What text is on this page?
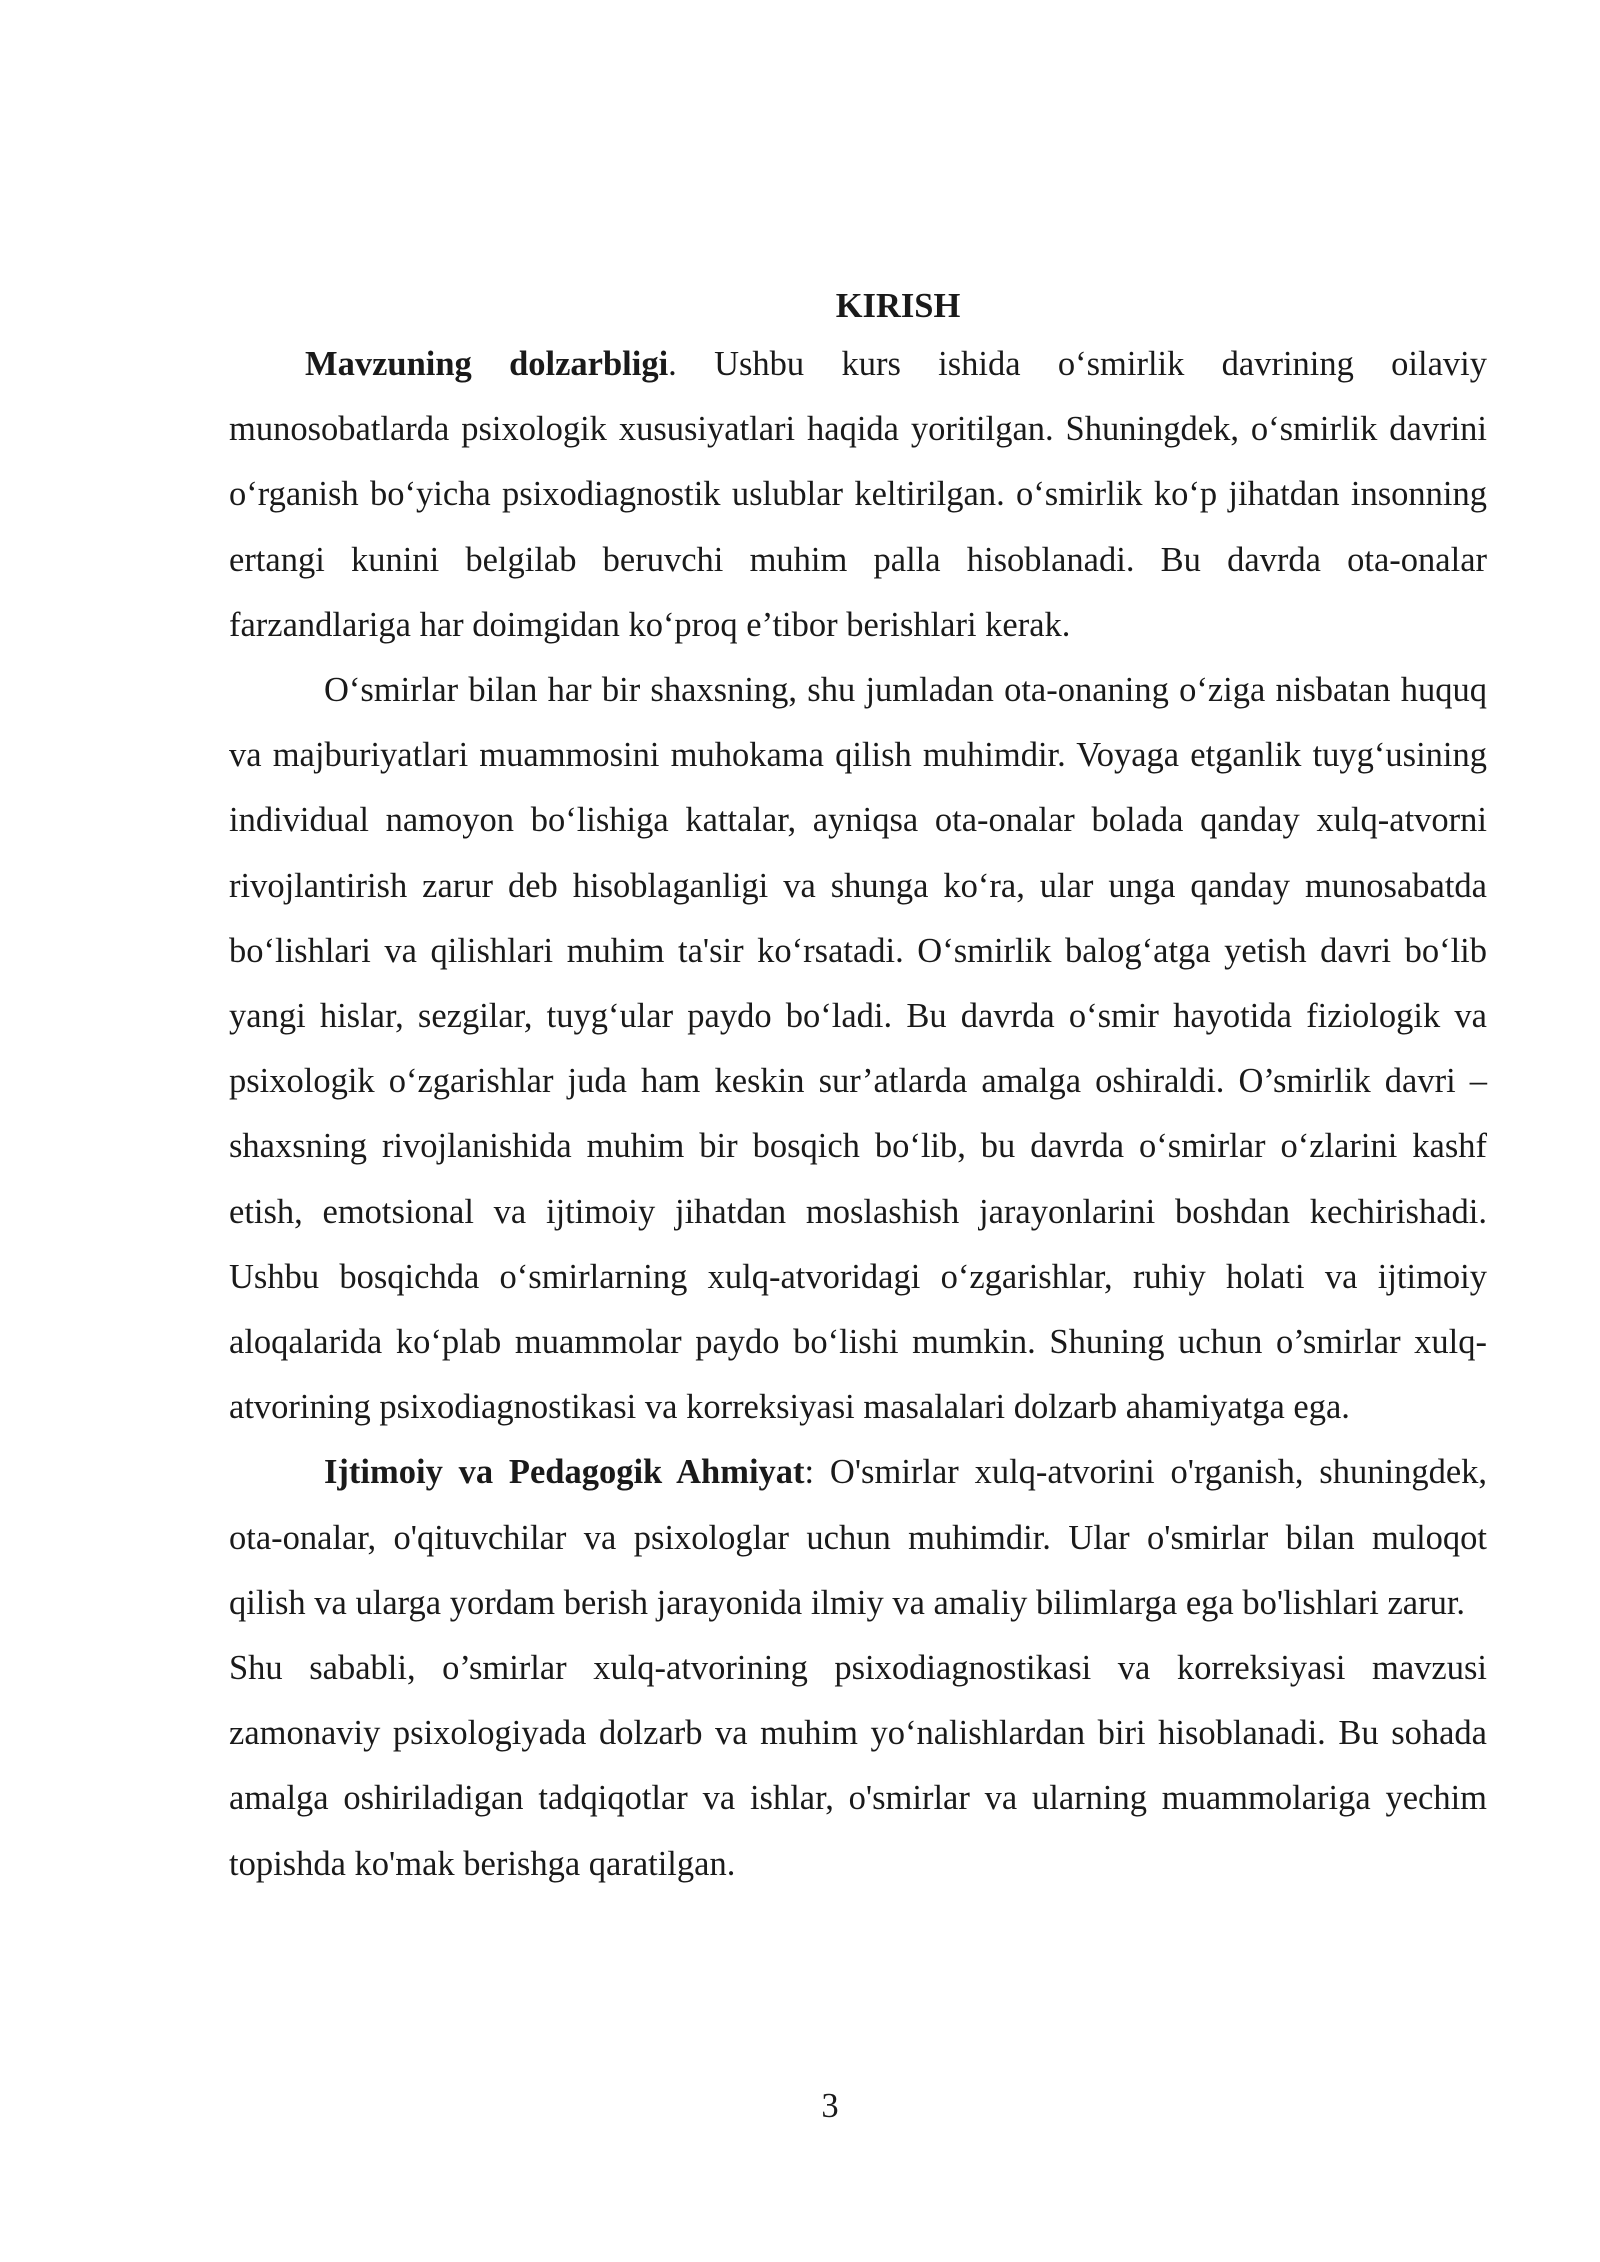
KIRISH

Mavzuning dolzarbligi. Ushbu kurs ishida o‘smirlik davrining oilaviy munosobatlarda psixologik xususiyatlari haqida yoritilgan. Shuningdek, o‘smirlik davrini o‘rganish bo‘yicha psixodiagnostik uslublar keltirilgan. o‘smirlik ko‘p jihatdan insonning ertangi kunini belgilab beruvchi muhim palla hisoblanadi. Bu davrda ota-onalar farzandlariga har doimgidan ko‘proq e’tibor berishlari kerak.

O‘smirlar bilan har bir shaxsning, shu jumladan ota-onaning o‘ziga nisbatan huquq va majburiyatlari muammosini muhokama qilish muhimdir. Voyaga etganlik tuyg‘usining individual namoyon bo‘lishiga kattalar, ayniqsa ota-onalar bolada qanday xulq-atvorni rivojlantirish zarur deb hisoblaganligi va shunga ko‘ra, ular unga qanday munosabatda bo‘lishlari va qilishlari muhim ta'sir ko‘rsatadi. O‘smirlik balog‘atga yetish davri bo‘lib yangi hislar, sezgilar, tuyg‘ular paydo bo‘ladi. Bu davrda o‘smir hayotida fiziologik va psixologik o‘zgarishlar juda ham keskin sur’atlarda amalga oshiraldi. O’smirlik davri – shaxsning rivojlanishida muhim bir bosqich bo‘lib, bu davrda o‘smirlar o‘zlarini kashf etish, emotsional va ijtimoiy jihatdan moslashish jarayonlarini boshdan kechirishadi. Ushbu bosqichda o‘smirlarning xulq-atvoridagi o‘zgarishlar, ruhiy holati va ijtimoiy aloqalarida ko‘plab muammolar paydo bo‘lishi mumkin. Shuning uchun o’smirlar xulq-atvorining psixodiagnostikasi va korreksiyasi masalalari dolzarb ahamiyatga ega.

Ijtimoiy va Pedagogik Ahmiyat: O'smirlar xulq-atvorini o'rganish, shuningdek, ota-onalar, o'qituvchilar va psixologlar uchun muhimdir. Ular o'smirlar bilan muloqot qilish va ularga yordam berish jarayonida ilmiy va amaliy bilimlarga ega bo'lishlari zarur.

Shu sababli, o’smirlar xulq-atvorining psixodiagnostikasi va korreksiyasi mavzusi zamonaviy psixologiyada dolzarb va muhim yo‘nalishlardan biri hisoblanadi. Bu sohada amalga oshiriladigan tadqiqotlar va ishlar, o'smirlar va ularning muammolariga yechim topishda ko'mak berishga qaratilgan.

3
